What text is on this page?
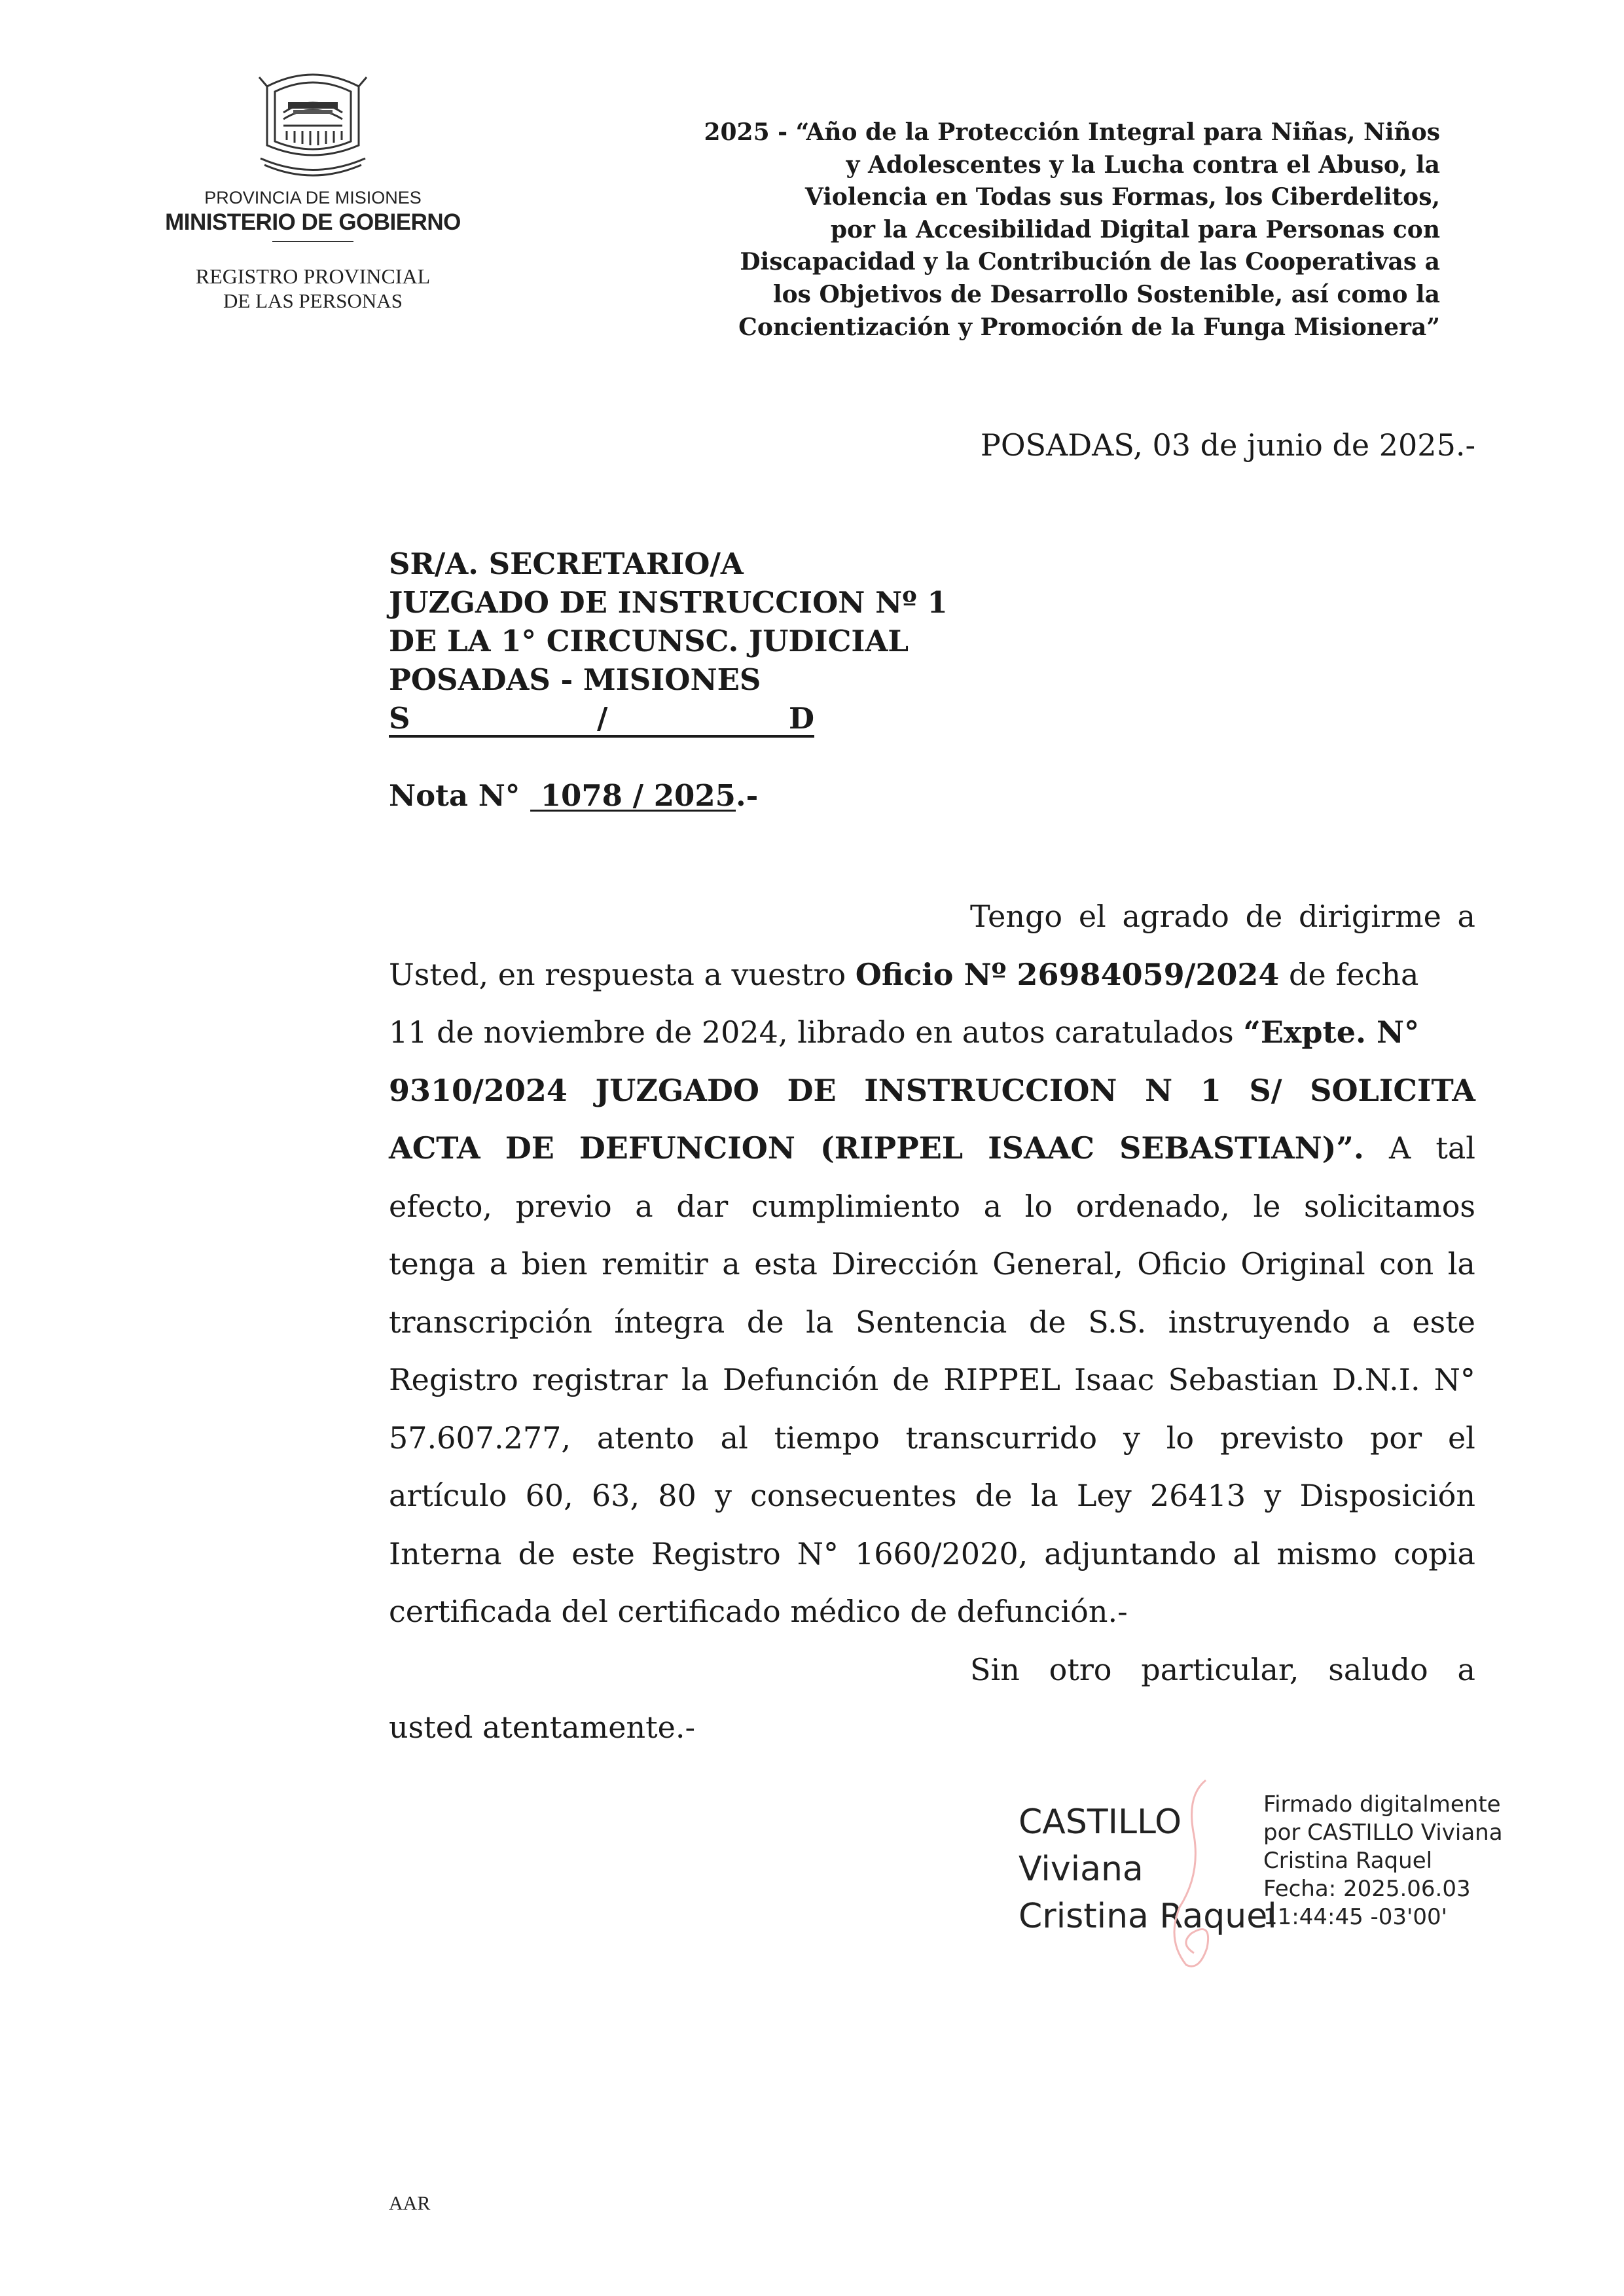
PROVINCIA DE MISIONES
MINISTERIO DE GOBIERNO
REGISTRO PROVINCIAL
DE LAS PERSONAS
2025 - “Año de la Protección Integral para Niñas, Niños
y Adolescentes y la Lucha contra el Abuso, la
Violencia en Todas sus Formas, los Ciberdelitos,
por la Accesibilidad Digital para Personas con
Discapacidad y la Contribución de las Cooperativas a
los Objetivos de Desarrollo Sostenible, así como la
Concientización y Promoción de la Funga Misionera”
POSADAS, 03 de junio de 2025.-
SR/A. SECRETARIO/A
JUZGADO DE INSTRUCCION Nº 1
DE LA 1° CIRCUNSC. JUDICIAL
POSADAS - MISIONES
S	/	D
Nota N°  1078 / 2025.-
Tengo el agrado de dirigirme a
Usted, en respuesta a vuestro Oficio Nº 26984059/2024 de fecha
11 de noviembre de 2024, librado en autos caratulados “Expte. N°
9310/2024 JUZGADO DE INSTRUCCION N 1 S/ SOLICITA
ACTA DE DEFUNCION (RIPPEL ISAAC SEBASTIAN)”. A tal
efecto, previo a dar cumplimiento a lo ordenado, le solicitamos
tenga a bien remitir a esta Dirección General, Oficio Original con la
transcripción íntegra de la Sentencia de S.S. instruyendo a este
Registro registrar la Defunción de RIPPEL Isaac Sebastian D.N.I. N°
57.607.277, atento al tiempo transcurrido y lo previsto por el
artículo 60, 63, 80 y consecuentes de la Ley 26413 y Disposición
Interna de este Registro N° 1660/2020, adjuntando al mismo copia
certificada del certificado médico de defunción.-
Sin otro particular, saludo a
usted atentamente.-
CASTILLO
Viviana
Cristina Raquel
Firmado digitalmente
por CASTILLO Viviana
Cristina Raquel
Fecha: 2025.06.03
11:44:45 -03'00'
AAR
